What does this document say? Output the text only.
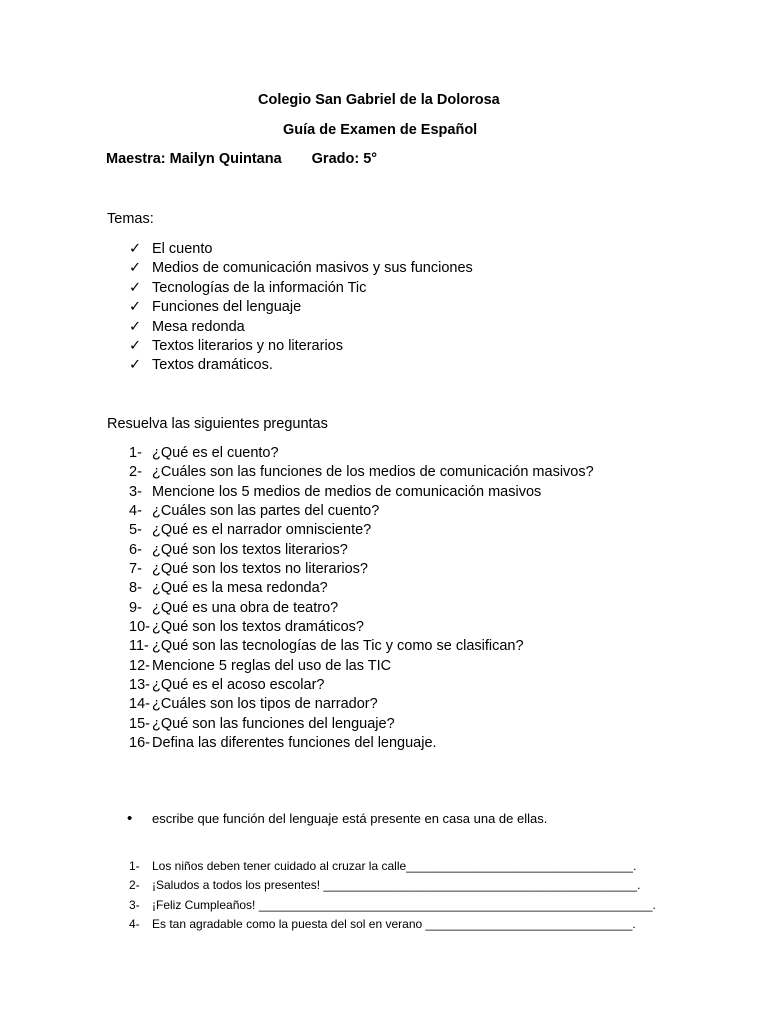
Colegio San Gabriel de la Dolorosa
Guía de Examen de Español
Maestra: Mailyn Quintana Grado: 5°
Temas:
✓ El cuento
✓ Medios de comunicación masivos y sus funciones
✓ Tecnologías de la información Tic
✓ Funciones del lenguaje
✓ Mesa redonda
✓ Textos literarios y no literarios
✓ Textos dramáticos.
Resuelva las siguientes preguntas
1- ¿Qué es el cuento?
2- ¿Cuáles son las funciones de los medios de comunicación masivos?
3- Mencione los 5 medios de medios de comunicación masivos
4- ¿Cuáles son las partes del cuento?
5- ¿Qué es el narrador omnisciente?
6- ¿Qué son los textos literarios?
7- ¿Qué son los textos no literarios?
8- ¿Qué es la mesa redonda?
9- ¿Qué es una obra de teatro?
10- ¿Qué son los textos dramáticos?
11- ¿Qué son las tecnologías de las Tic y como se clasifican?
12- Mencione 5 reglas del uso de las TIC
13- ¿Qué es el acoso escolar?
14- ¿Cuáles son los tipos de narrador?
15- ¿Qué son las funciones del lenguaje?
16- Defina las diferentes funciones del lenguaje.
• escribe que función del lenguaje está presente en casa una de ellas.
1- Los niños deben tener cuidado al cruzar la calle__________________________________.
2- ¡Saludos a todos los presentes! _______________________________________________.
3- ¡Feliz Cumpleaños! ___________________________________________________________.
4- Es tan agradable como la puesta del sol en verano _______________________________.
